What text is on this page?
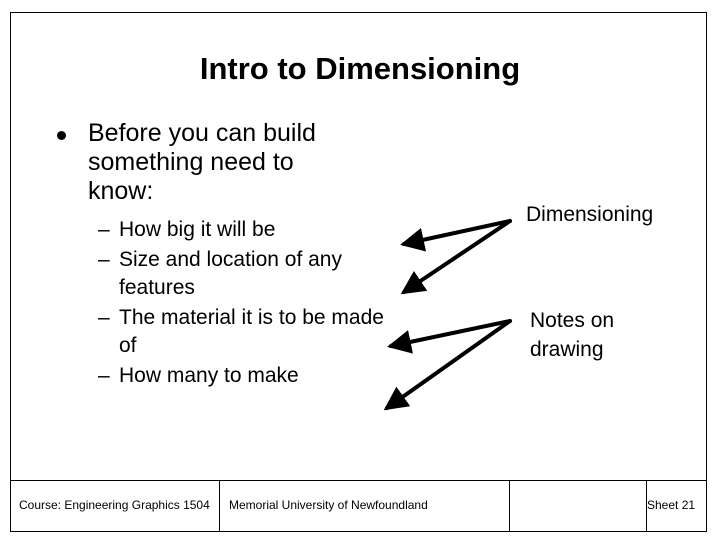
Intro to Dimensioning

Before you can build
something need to
know:

– How big it will be
– Size and location of any features
– The material it is to be made of
– How many to make

Dimensioning

Notes on
drawing

Course: Engineering Graphics 1504	Memorial University of Newfoundland	Sheet 21
